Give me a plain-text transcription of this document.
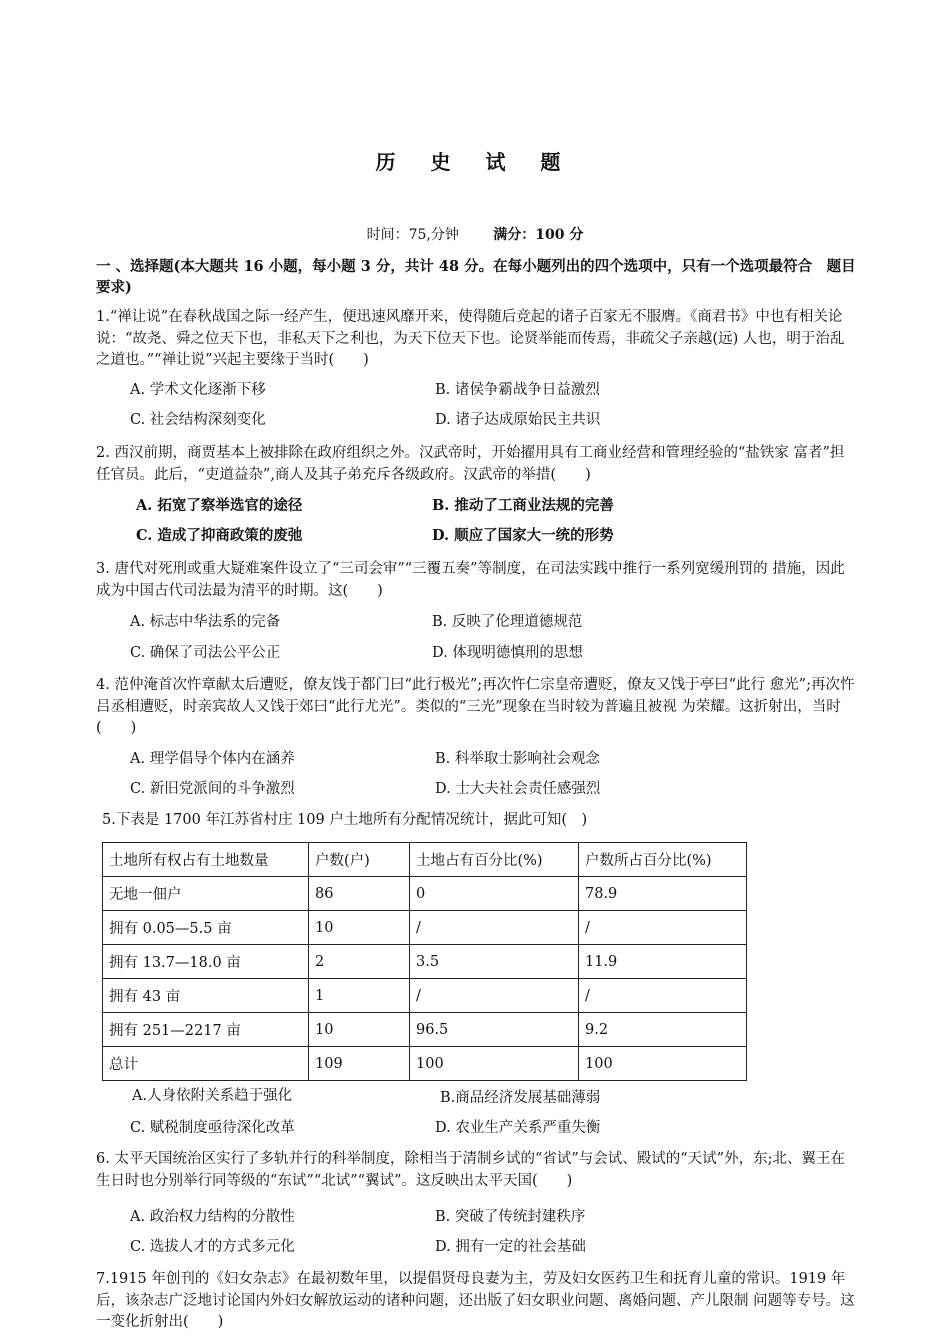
历 史 试 题
时间：75,分钟 满分：100 分
一 、选择题(本大题共 16 小题，每小题 3 分，共计 48 分。在每小题列出的四个选项中，只有一个选项最符合　题目要求)
1.“禅让说”在春秋战国之际一经产生，便迅速风靡开来，使得随后竞起的诸子百家无不服膺。《商君书》中也有相关论说：“故尧、舜之位天下也，非私天下之利也，为天下位天下也。论贤举能而传焉，非疏父子亲越(远) 人也，明于治乱之道也。”“禅让说”兴起主要缘于当时(　　)
A. 学术文化逐渐下移	B. 诸侯争霸战争日益激烈
C. 社会结构深刻变化	D. 诸子达成原始民主共识
2. 西汉前期，商贾基本上被排除在政府组织之外。汉武帝时，开始擢用具有工商业经营和管理经验的“盐铁家 富者”担任官员。此后，“吏道益杂”,商人及其子弟充斥各级政府。汉武帝的举措(　　)
A. 拓宽了察举选官的途径	B. 推动了工商业法规的完善
C. 造成了抑商政策的废弛	D. 顺应了国家大一统的形势
3. 唐代对死刑或重大疑难案件设立了“三司会审”“三覆五奏”等制度，在司法实践中推行一系列宽缓刑罚的 措施，因此成为中国古代司法最为清平的时期。这(　　)
A. 标志中华法系的完备	B. 反映了伦理道德规范
C. 确保了司法公平公正	D. 体现明德慎刑的思想
4. 范仲淹首次忤章献太后遭贬，僚友饯于都门曰“此行极光”;再次忤仁宗皇帝遭贬，僚友又饯于亭曰“此行 愈光”;再次忤吕丞相遭贬，时亲宾故人又饯于郊曰“此行尤光”。类似的“三光”现象在当时较为普遍且被视 为荣耀。这折射出，当时(　　)
A. 理学倡导个体内在涵养	B. 科举取士影响社会观念
C. 新旧党派间的斗争激烈	D. 士大夫社会责任感强烈
5.下表是 1700 年江苏省村庄 109 户土地所有分配情况统计，据此可知(　)
土地所有权占有土地数量	户数(户)	土地占有百分比(%)	户数所占百分比(%)
无地一佃户	86	0	78.9
拥有 0.05—5.5 亩	10	/	/
拥有 13.7—18.0 亩	2	3.5	11.9
拥有 43 亩	1	/	/
拥有 251—2217 亩	10	96.5	9.2
总计	109	100	100
A.人身依附关系趋于强化	B.商品经济发展基础薄弱
C. 赋税制度亟待深化改革	D. 农业生产关系严重失衡
6. 太平天国统治区实行了多轨并行的科举制度，除相当于清制乡试的“省试”与会试、殿试的“天试”外，东;北、翼王在生日时也分别举行同等级的“东试”“北试”“翼试”。这反映出太平天国(　　)
A. 政治权力结构的分散性	B. 突破了传统封建秩序
C. 选拔人才的方式多元化	D. 拥有一定的社会基础
7.1915 年创刊的《妇女杂志》在最初数年里，以提倡贤母良妻为主，劳及妇女医药卫生和抚育儿童的常识。1919 年后，该杂志广泛地讨论国内外妇女解放运动的诸种问题，还出版了妇女职业问题、离婚问题、产儿限制 问题等专号。这一变化折射出(　　)
